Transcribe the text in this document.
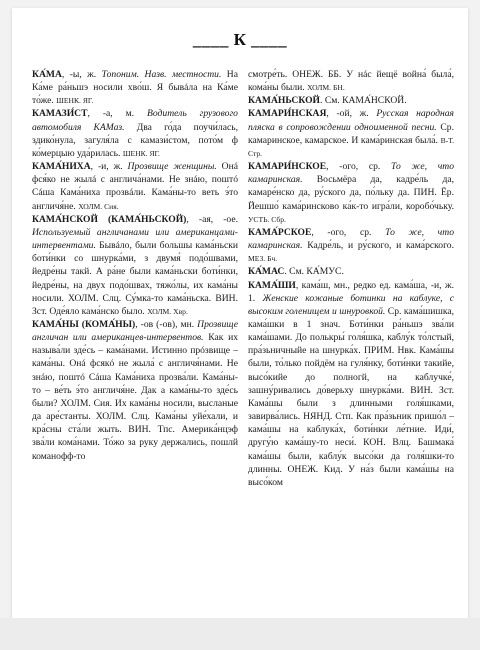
____ К ____

КА́МА, -ы, ж. Топоним. Назв. местности. На Ка́ме ра́ньшэ носили хво́ш. Я бывáла на Ка́ме то́же. ШЕНК. ЯГ.

КАМАЗИ́СТ, -а, м. Водитель грузового автомобиля КАМаз. Два го́да поучи́лась, здико́нула, загуля́ла с камази́стом, пото́м ф ко́мерцыю уда́рилась. ШЕНК. ЯГ.

КАМА́НИХА, -и, ж. Прозвище женщины. Онá фся́ко не жылá с англича́нами. Не знáю, поштó Сáша Кама́ниха прозвáли. Кама́ны-то веть э́то англичя́не. ХОЛМ. Сия.

КАМА́НСКОЙ (КАМА́НЬСКОЙ), -ая, -ое. Используемый англичанами или американцами-интервентами. Бывáло, были большы кама́ньски боти́нки со шнурка́ми, з двумя́ подо́швами, йедре́ны такй. А ра́не были кама́ньски боти́нки, йедре́ны, на двух подо́швах, тяжо́лы, их кама́ны носили. ХОЛМ. Слц. Су́мка-то кама́ньска. ВИН. Зст. Оде́яло кама́нско было. ХОЛМ. Хвр.

КАМА́НЫ (КОМА́НЫ), -ов (-ов), мн. Прозвище англичан или американцев-интервентов. Как их называ́ли зде́сь – кама́нами. Истинно прóзвище – кама́ны. Онá фсякó не жыла́ с англичя́нами. Не знáю, поштó Сáша Кама́ниха прозва́ли. Кама́ны-то – ве́ть э́то англичя́не. Дак а кама́ны-то зде́сь были? ХОЛМ. Сия. Их кама́ны носили, высланые да аре́станты. ХОЛМ. Слц. Кама́ны уйе́хали, и кра́сны ста́ли жыть. ВИН. Тпс. Америка́нцэф зва́ли кома́нами. То́жо за руку держались, пошлй команофф-то

смотре́ть. ОНЕЖ. ББ. У нáс йещё война́ была́, кома́ны были. ХОЛМ. БН.

КАМА́НЬСКОЙ. См. КАМА́НСКОЙ.

КАМАРИ́НСКАЯ, -ой, ж. Русская народная пляска в сопровождении одноименной песни. Ср. камаринское, камарское. И кама́ринская была́. В-Т. Стр.

КАМАРИ́НСКОЕ, -ого, ср. То же, что камаринская. Восьмёра да, кадре́ль да, камаре́нско да, ру́ского да, по́льку да. ПИН. Ёр. Йешшо́ кама́ринсково ка́к-то игра́ли, коробо́чьку. УСТЬ. Сбр.

КАМА́РСКОЕ, -ого, ср. То же, что камаринская. Кадре́ль, и ру́ского, и кама́рского. МЕЗ. Бч.

КА́МАС. См. КА́МУС.

КАМА́ШИ, кама́ш, мн., редко ед. кама́ша, -и, ж. 1. Женские кожаные ботинки на каблуке, с высоким голенищем и шнуровкой. Ср. кама́шишка, кама́шки в 1 знач. Боти́нки ра́ньшэ зва́ли кама́шами. До полькры́ голя́шка, каблу́к то́лстый, пра́зьничныйе на шнурка́х. ПРИМ. Нвк. Кама́шы были, то́лько пойдём на гуля́нку, боти́нки такийе, высо́кийе до полногй, на каблучке́, зашну́ривались до́верьху шнурка́ми. ВИН. Зст. Кама́шы были з длинными голя́шками, завирва́лись. НЯНД. Стп. Как пра́зьник пришо́л – кама́шы на каблука́х, боти́нки ле́тние. Иди́, другу́ю кама́шу-то неси́. КОН. Влц. Башмака́ кама́шы были, каблу́к высо́ки да голя́шки-то длинны. ОНЕЖ. Кид. У на́з были кама́шы на высо́ком
